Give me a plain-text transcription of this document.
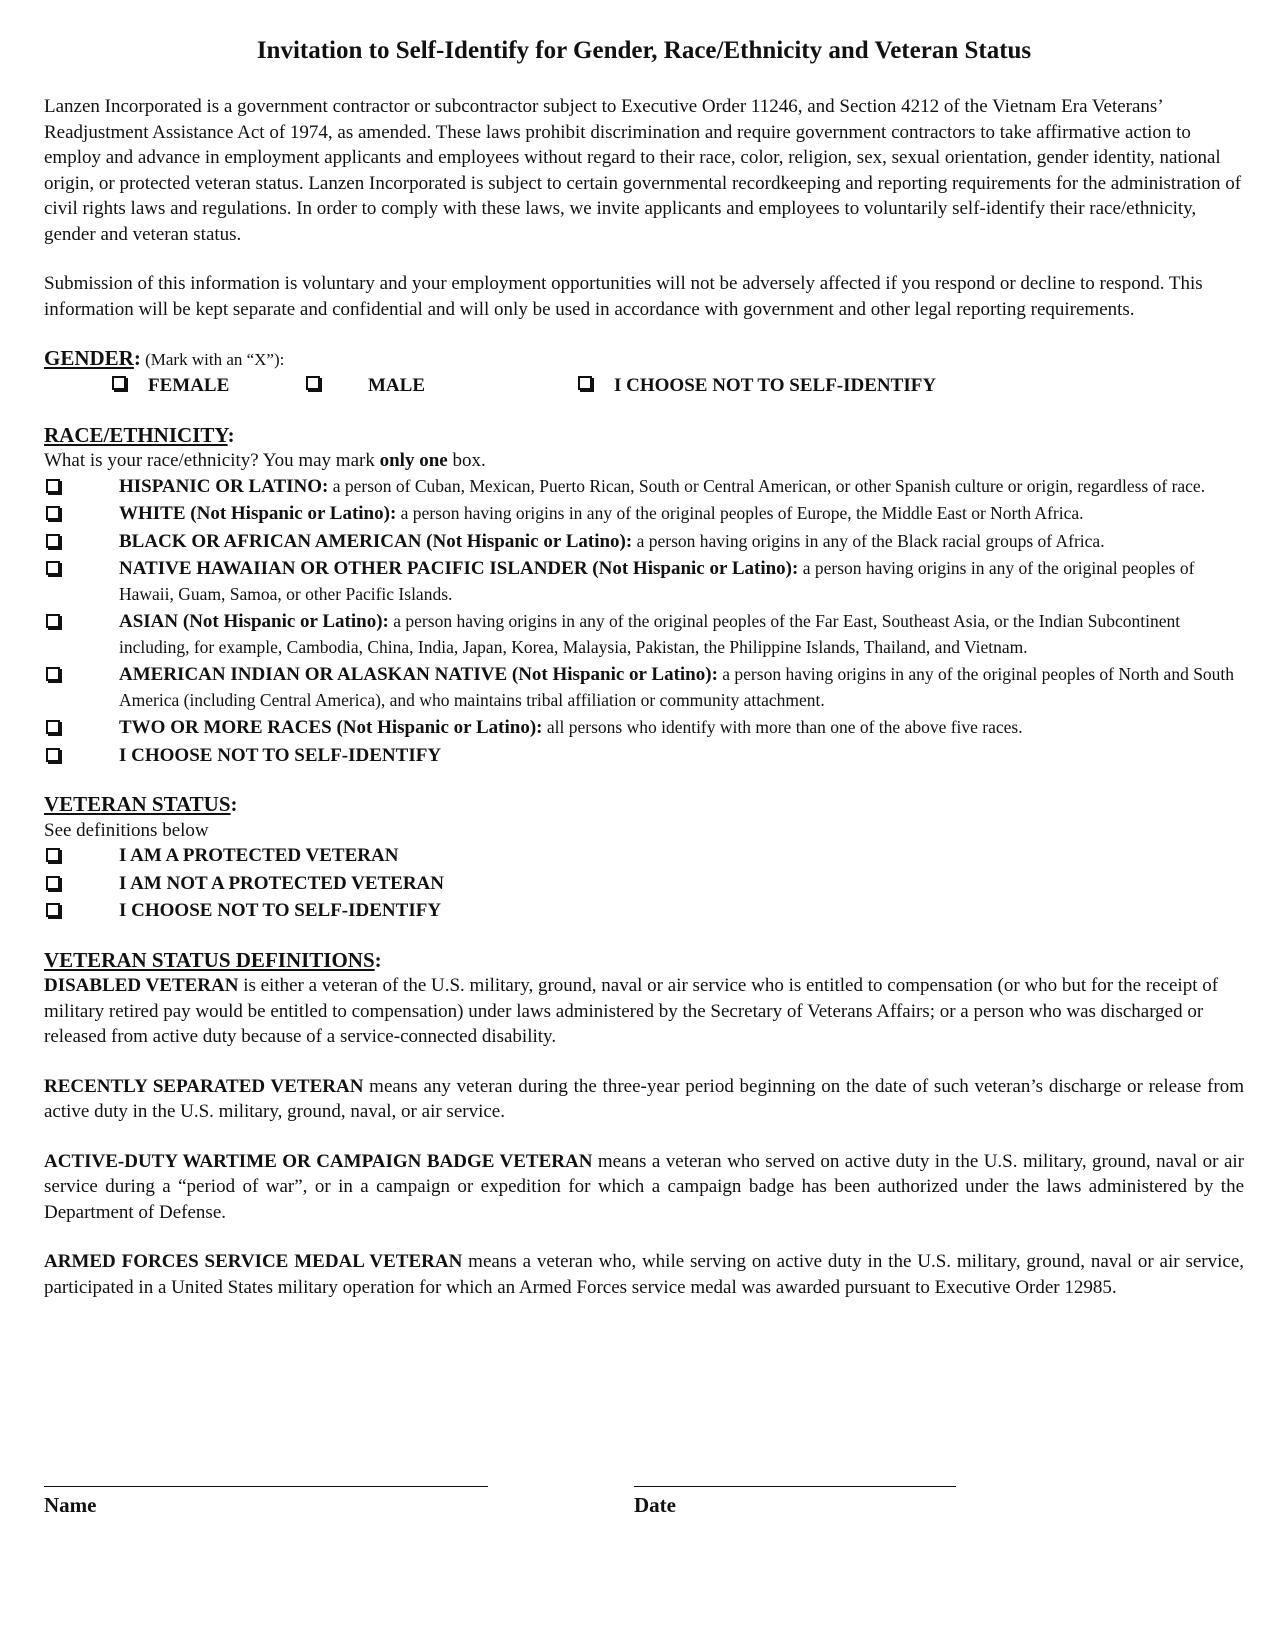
Invitation to Self-Identify for Gender, Race/Ethnicity and Veteran Status

Lanzen Incorporated is a government contractor or subcontractor subject to Executive Order 11246, and Section 4212 of the Vietnam Era Veterans’ Readjustment Assistance Act of 1974, as amended. These laws prohibit discrimination and require government contractors to take affirmative action to employ and advance in employment applicants and employees without regard to their race, color, religion, sex, sexual orientation, gender identity, national origin, or protected veteran status. Lanzen Incorporated is subject to certain governmental recordkeeping and reporting requirements for the administration of civil rights laws and regulations. In order to comply with these laws, we invite applicants and employees to voluntarily self-identify their race/ethnicity, gender and veteran status.

Submission of this information is voluntary and your employment opportunities will not be adversely affected if you respond or decline to respond. This information will be kept separate and confidential and will only be used in accordance with government and other legal reporting requirements.

GENDER: (Mark with an “X”):
FEMALE	MALE	I CHOOSE NOT TO SELF-IDENTIFY
RACE/ETHNICITY:
What is your race/ethnicity? You may mark only one box.
HISPANIC OR LATINO: a person of Cuban, Mexican, Puerto Rican, South or Central American, or other Spanish culture or origin, regardless of race.
WHITE (Not Hispanic or Latino): a person having origins in any of the original peoples of Europe, the Middle East or North Africa.
BLACK OR AFRICAN AMERICAN (Not Hispanic or Latino): a person having origins in any of the Black racial groups of Africa.
NATIVE HAWAIIAN OR OTHER PACIFIC ISLANDER (Not Hispanic or Latino): a person having origins in any of the original peoples of Hawaii, Guam, Samoa, or other Pacific Islands.
ASIAN (Not Hispanic or Latino): a person having origins in any of the original peoples of the Far East, Southeast Asia, or the Indian Subcontinent including, for example, Cambodia, China, India, Japan, Korea, Malaysia, Pakistan, the Philippine Islands, Thailand, and Vietnam.
AMERICAN INDIAN OR ALASKAN NATIVE (Not Hispanic or Latino): a person having origins in any of the original peoples of North and South America (including Central America), and who maintains tribal affiliation or community attachment.
TWO OR MORE RACES (Not Hispanic or Latino): all persons who identify with more than one of the above five races.
I CHOOSE NOT TO SELF-IDENTIFY
VETERAN STATUS:
See definitions below
I AM A PROTECTED VETERAN
I AM NOT A PROTECTED VETERAN
I CHOOSE NOT TO SELF-IDENTIFY
VETERAN STATUS DEFINITIONS:

DISABLED VETERAN is either a veteran of the U.S. military, ground, naval or air service who is entitled to compensation (or who but for the receipt of military retired pay would be entitled to compensation) under laws administered by the Secretary of Veterans Affairs; or a person who was discharged or released from active duty because of a service-connected disability.

RECENTLY SEPARATED VETERAN means any veteran during the three-year period beginning on the date of such veteran’s discharge or release from active duty in the U.S. military, ground, naval, or air service.

ACTIVE-DUTY WARTIME OR CAMPAIGN BADGE VETERAN means a veteran who served on active duty in the U.S. military, ground, naval or air service during a “period of war”, or in a campaign or expedition for which a campaign badge has been authorized under the laws administered by the Department of Defense.

ARMED FORCES SERVICE MEDAL VETERAN means a veteran who, while serving on active duty in the U.S. military, ground, naval or air service, participated in a United States military operation for which an Armed Forces service medal was awarded pursuant to Executive Order 12985.

Name	Date
